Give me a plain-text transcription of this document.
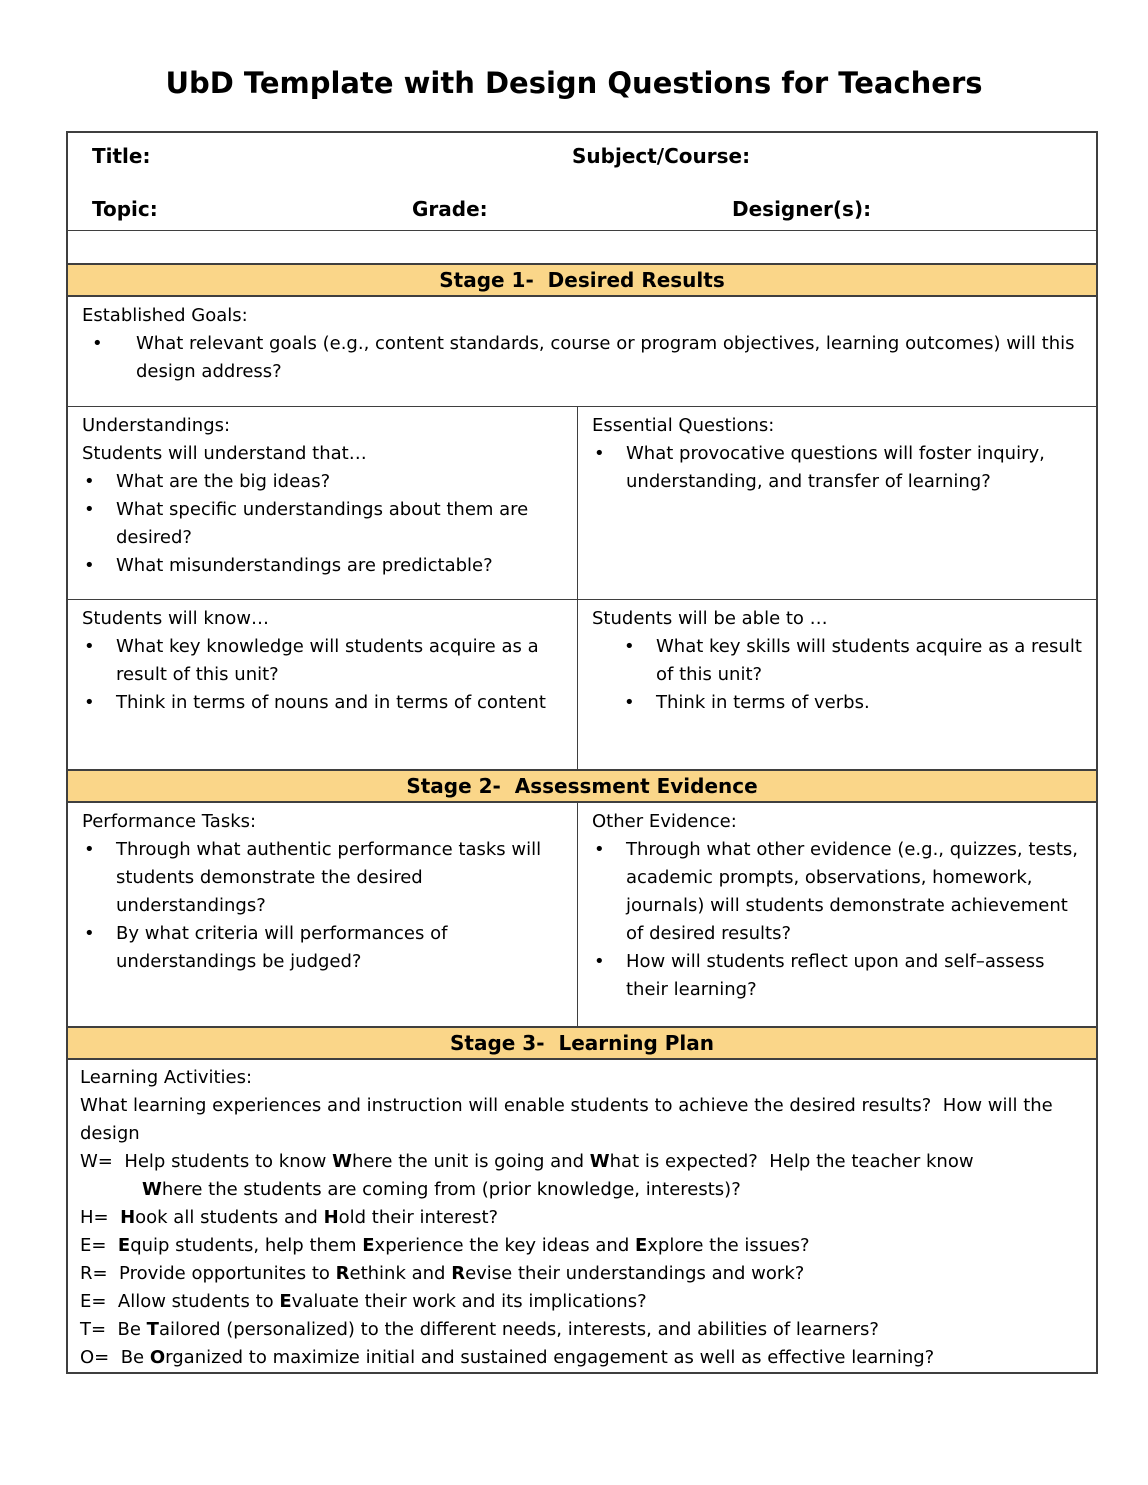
UbD Template with Design Questions for Teachers
Title:	Subject/Course:
Topic:	Grade:	Designer(s):
Stage 1-  Desired Results
Established Goals:
• What relevant goals (e.g., content standards, course or program objectives, learning outcomes) will this design address?
Understandings:
Students will understand that…
• What are the big ideas?
• What specific understandings about them are desired?
• What misunderstandings are predictable?
Essential Questions:
• What provocative questions will foster inquiry, understanding, and transfer of learning?
Students will know…
• What key knowledge will students acquire as a result of this unit?
• Think in terms of nouns and in terms of content
Students will be able to …
• What key skills will students acquire as a result of this unit?
• Think in terms of verbs.
Stage 2-  Assessment Evidence
Performance Tasks:
• Through what authentic performance tasks will students demonstrate the desired understandings?
• By what criteria will performances of understandings be judged?
Other Evidence:
• Through what other evidence (e.g., quizzes, tests, academic prompts, observations, homework, journals) will students demonstrate achievement of desired results?
• How will students reflect upon and self–assess their learning?
Stage 3-  Learning Plan
Learning Activities:
What learning experiences and instruction will enable students to achieve the desired results?  How will the design
W=  Help students to know Where the unit is going and What is expected?  Help the teacher know
Where the students are coming from (prior knowledge, interests)?
H=  Hook all students and Hold their interest?
E=  Equip students, help them Experience the key ideas and Explore the issues?
R=  Provide opportunites to Rethink and Revise their understandings and work?
E=  Allow students to Evaluate their work and its implications?
T=  Be Tailored (personalized) to the different needs, interests, and abilities of learners?
O=  Be Organized to maximize initial and sustained engagement as well as effective learning?
